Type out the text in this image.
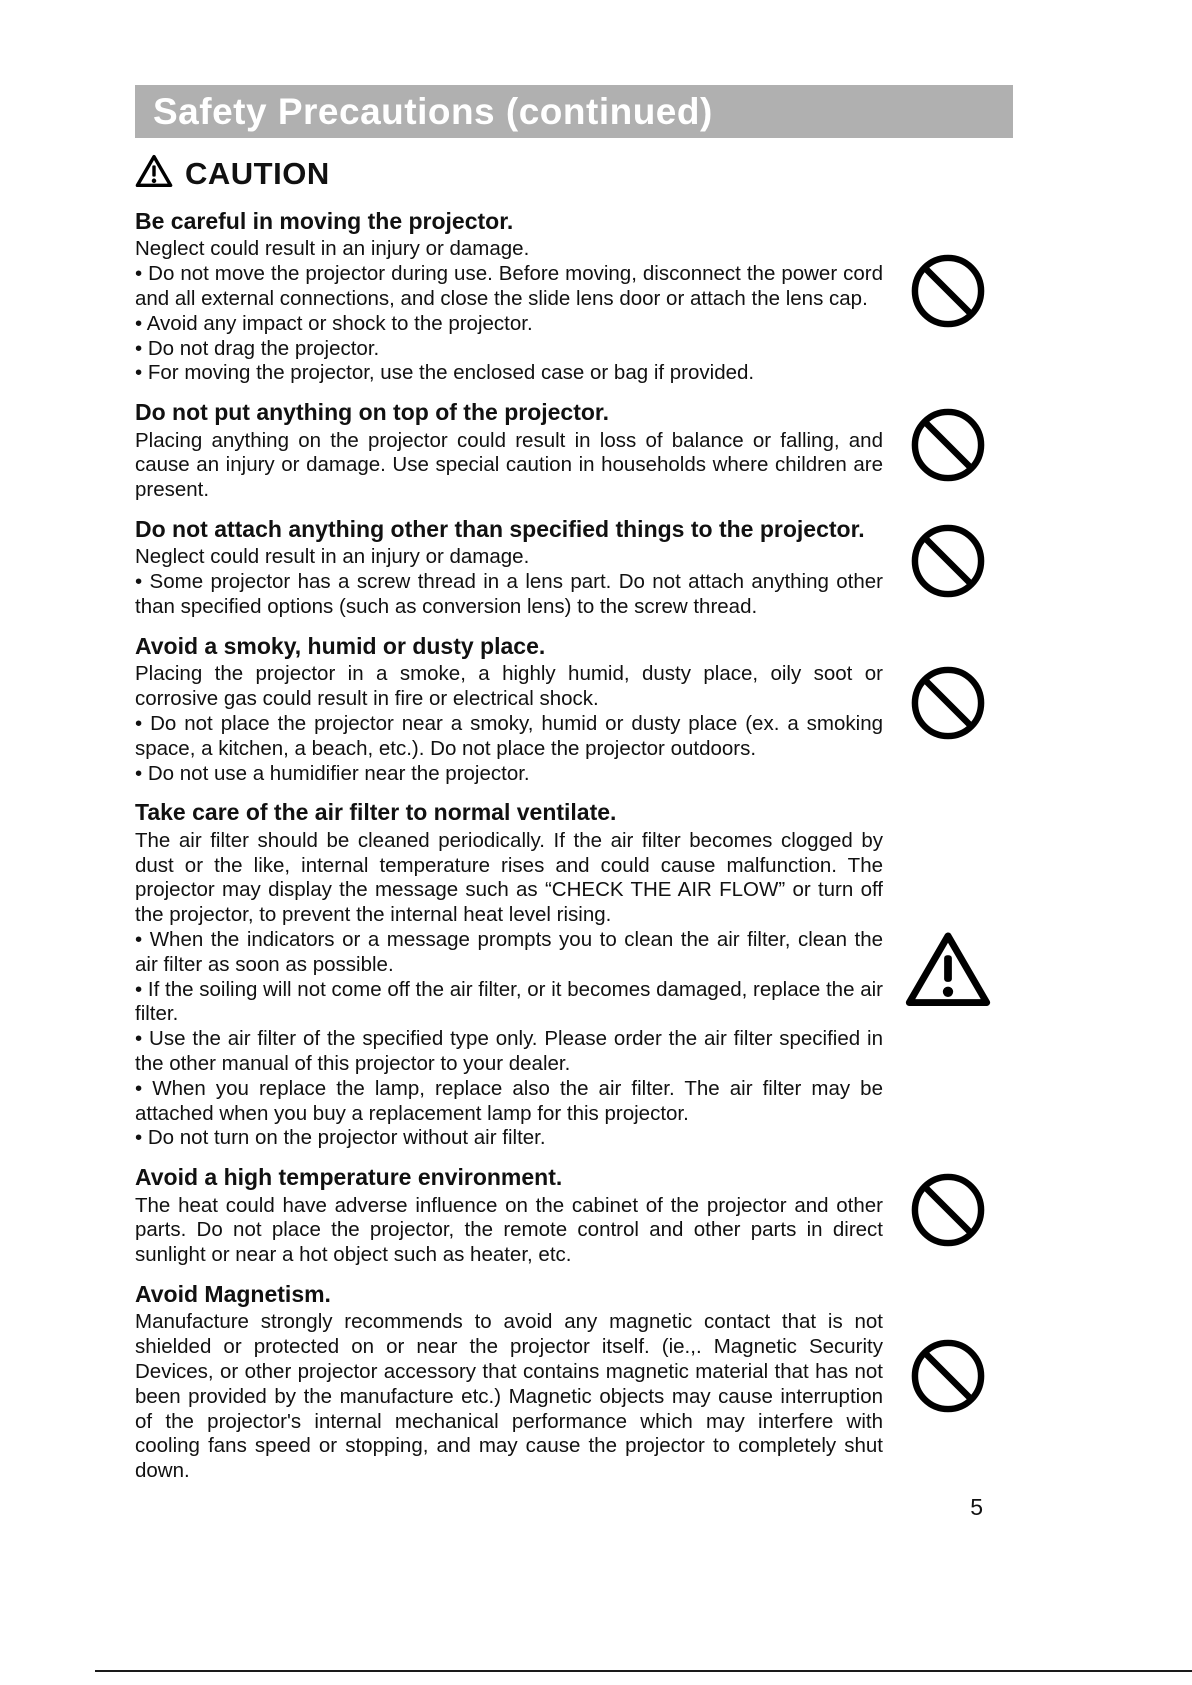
Safety Precautions (continued)
CAUTION
Be careful in moving the projector.

Neglect could result in an injury or damage.

• Do not move the projector during use. Before moving, disconnect the power cord and all external connections, and close the slide lens door or attach the lens cap.

• Avoid any impact or shock to the projector.

• Do not drag the projector.

• For moving the projector, use the enclosed case or bag if provided.

Do not put anything on top of the projector.

Placing anything on the projector could result in loss of balance or falling, and cause an injury or damage. Use special caution in households where children are present.

Do not attach anything other than specified things to the projector.

Neglect could result in an injury or damage.

• Some projector has a screw thread in a lens part. Do not attach anything other than specified options (such as conversion lens) to the screw thread.

Avoid a smoky, humid or dusty place.

Placing the projector in a smoke, a highly humid, dusty place, oily soot or corrosive gas could result in fire or electrical shock.

• Do not place the projector near a smoky, humid or dusty place (ex. a smoking space, a kitchen, a beach, etc.). Do not place the projector outdoors.

• Do not use a humidifier near the projector.

Take care of the air filter to normal ventilate.

The air filter should be cleaned periodically. If the air filter becomes clogged by dust or the like, internal temperature rises and could cause malfunction. The projector may display the message such as “CHECK THE AIR FLOW” or turn off the projector, to prevent the internal heat level rising.

• When the indicators or a message prompts you to clean the air filter, clean the air filter as soon as possible.

• If the soiling will not come off the air filter, or it becomes damaged, replace the air filter.

• Use the air filter of the specified type only. Please order the air filter specified in the other manual of this projector to your dealer.

• When you replace the lamp, replace also the air filter. The air filter may be attached when you buy a replacement lamp for this projector.

• Do not turn on the projector without air filter.

Avoid a high temperature environment.

The heat could have adverse influence on the cabinet of the projector and other parts. Do not place the projector, the remote control and other parts in direct sunlight or near a hot object such as heater, etc.

Avoid Magnetism.

Manufacture strongly recommends to avoid any magnetic contact that is not shielded or protected on or near the projector itself. (ie.,. Magnetic Security Devices, or other projector accessory that contains magnetic material that has not been provided by the manufacture etc.) Magnetic objects may cause interruption of the projector's internal mechanical performance which may interfere with cooling fans speed or stopping, and may cause the projector to completely shut down.

5
